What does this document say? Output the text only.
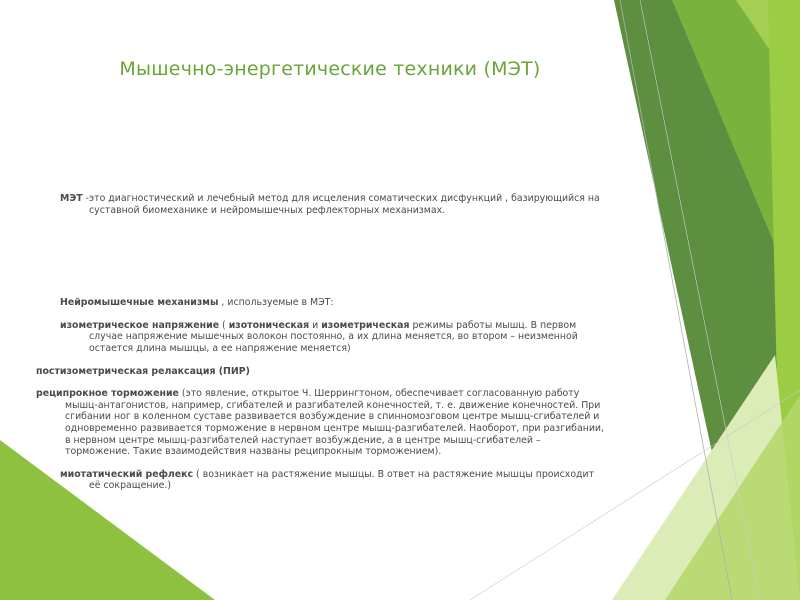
Мышечно-энергетические техники (МЭТ)

МЭТ -это диагностический и лечебный метод для исцеления соматических дисфункций , базирующийся на суставной биомеханике и нейромышечных рефлекторных механизмах.

Нейромышечные механизмы , используемые в МЭТ:

изометрическое напряжение ( изотоническая и изометрическая режимы работы мышц. В первом случае напряжение мышечных волокон постоянно, а их длина меняется, во втором – неизменной остается длина мышцы, а ее напряжение меняется)

постизометрическая релаксация (ПИР)

реципрокное торможение (это явление, открытое Ч. Шеррингтоном, обеспечивает согласованную работу мышц-антагонистов, например, сгибателей и разгибателей конечностей, т. е. движение конечностей. При сгибании ног в коленном суставе развивается возбуждение в спинномозговом центре мышц-сгибателей и одновременно развивается торможение в нервном центре мышц-разгибателей. Наоборот, при разгибании, в нервном центре мышц-разгибателей наступает возбуждение, а в центре мышц-сгибателей – торможение. Такие взаимодействия названы реципрокным торможением).

миотатический рефлекс ( возникает на растяжение мышцы. В ответ на растяжение мышцы происходит её сокращение.)
